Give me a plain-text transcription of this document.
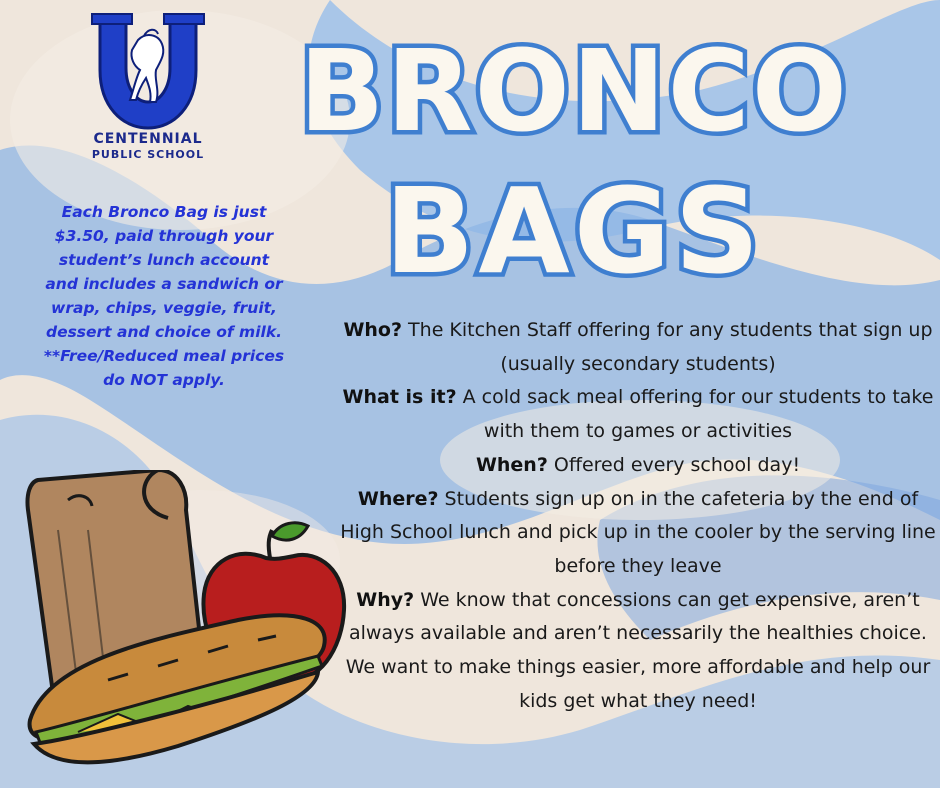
CENTENNIAL
PUBLIC SCHOOL BRONCO
BAGS
Each Bronco Bag is just
$3.50, paid through your
student’s lunch account
and includes a sandwich or
wrap, chips, veggie, fruit,
dessert and choice of milk.
**Free/Reduced meal prices
do NOT apply.

Who? The Kitchen Staff offering for any students that sign up (usually secondary students)

What is it? A cold sack meal offering for our students to take with them to games or activities

When? Offered every school day!

Where? Students sign up on in the cafeteria by the end of High School lunch and pick up in the cooler by the serving line before they leave

Why? We know that concessions can get expensive, aren’t always available and aren’t necessarily the healthies choice. We want to make things easier, more affordable and help our kids get what they need!
